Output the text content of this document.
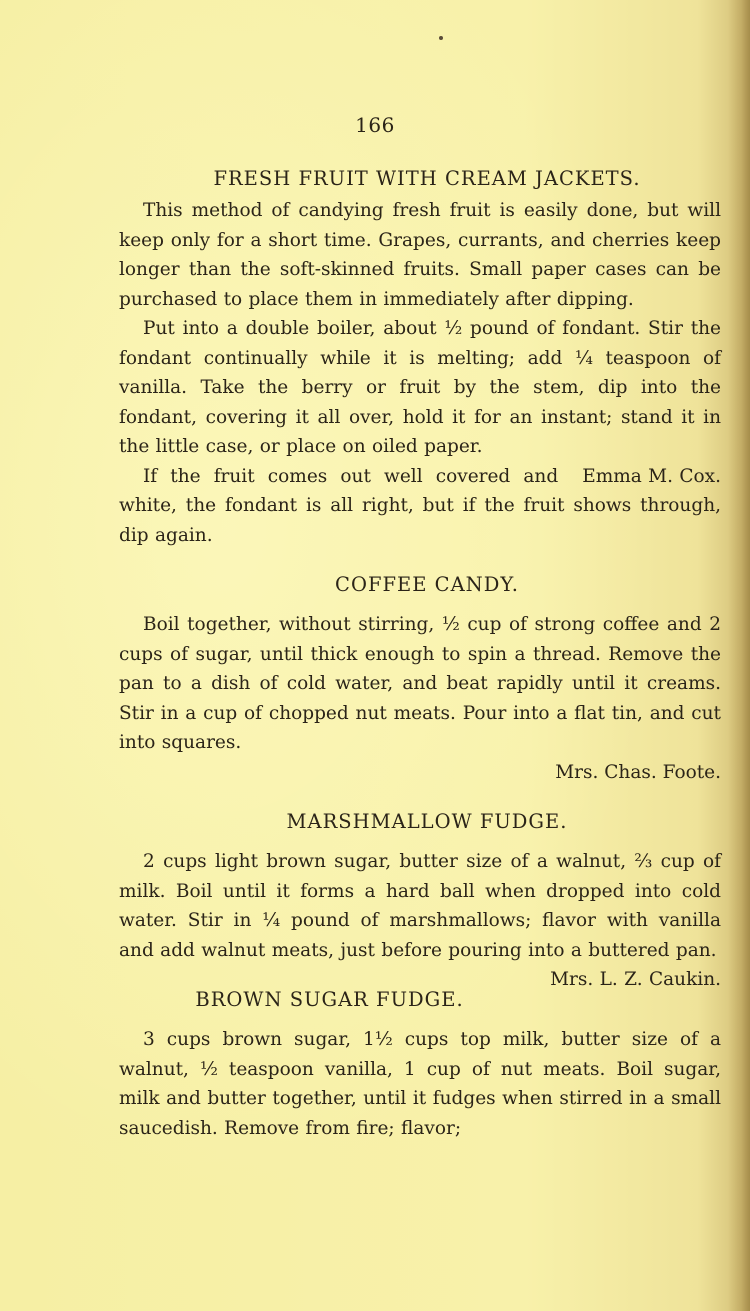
166
FRESH FRUIT WITH CREAM JACKETS.

This method of candying fresh fruit is easily done, but will keep only for a short time. Grapes, currants, and cherries keep longer than the soft-skinned fruits. Small paper cases can be purchased to place them in immediately after dipping.

Put into a double boiler, about ½ pound of fondant. Stir the fondant continually while it is melting; add ¼ teaspoon of vanilla. Take the berry or fruit by the stem, dip into the fondant, covering it all over, hold it for an instant; stand it in the little case, or place on oiled paper.

Emma M. Cox.
If the fruit comes out well covered and white, the fondant is all right, but if the fruit shows through, dip again.

COFFEE CANDY.

Boil together, without stirring, ½ cup of strong coffee and 2 cups of sugar, until thick enough to spin a thread. Remove the pan to a dish of cold water, and beat rapidly until it creams. Stir in a cup of chopped nut meats. Pour into a flat tin, and cut into squares.

Mrs. Chas. Foote.
MARSHMALLOW FUDGE.

2 cups light brown sugar, butter size of a walnut, ⅔ cup of milk. Boil until it forms a hard ball when dropped into cold water. Stir in ¼ pound of marshmallows; flavor with vanilla and add walnut meats, just before pouring into a buttered pan.
Mrs. L. Z. Caukin.

BROWN SUGAR FUDGE.

3 cups brown sugar, 1½ cups top milk, butter size of a walnut, ½ teaspoon vanilla, 1 cup of nut meats. Boil sugar, milk and butter together, until it fudges when stirred in a small saucedish. Remove from fire; flavor;
